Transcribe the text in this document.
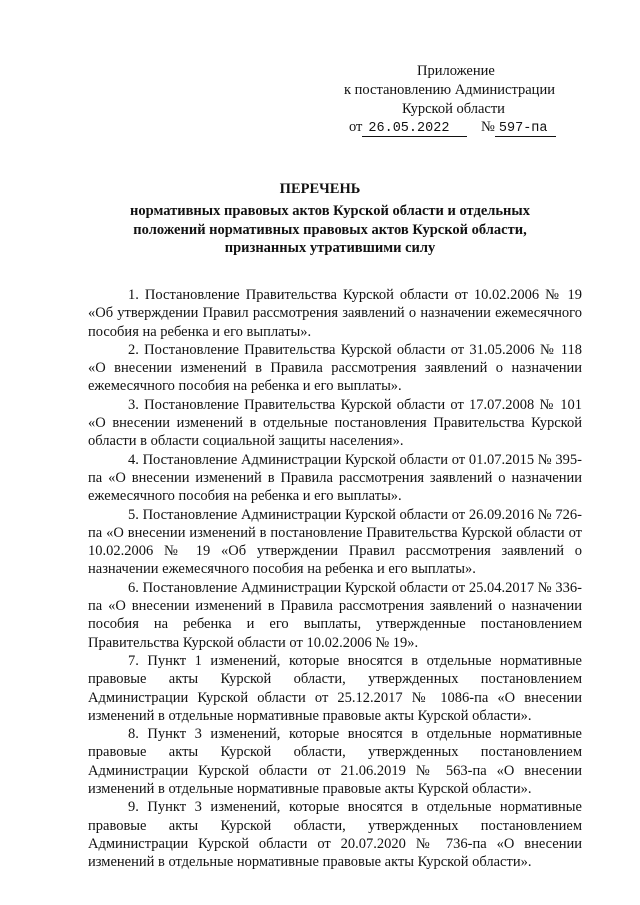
Приложение
к постановлению Администрации
Курской области
от 26.05.2022 № 597-па
ПЕРЕЧЕНЬ
нормативных правовых актов Курской области и отдельных положений нормативных правовых актов Курской области, признанных утратившими силу

1. Постановление Правительства Курской области от 10.02.2006 № 19 «Об утверждении Правил рассмотрения заявлений о назначении ежемесячного пособия на ребенка и его выплаты».

2. Постановление Правительства Курской области от 31.05.2006 № 118 «О внесении изменений в Правила рассмотрения заявлений о назначении ежемесячного пособия на ребенка и его выплаты».

3. Постановление Правительства Курской области от 17.07.2008 № 101 «О внесении изменений в отдельные постановления Правительства Курской области в области социальной защиты населения».

4. Постановление Администрации Курской области от 01.07.2015 № 395-па «О внесении изменений в Правила рассмотрения заявлений о назначении ежемесячного пособия на ребенка и его выплаты».

5. Постановление Администрации Курской области от 26.09.2016 № 726-па «О внесении изменений в постановление Правительства Курской области от 10.02.2006 № 19 «Об утверждении Правил рассмотрения заявлений о назначении ежемесячного пособия на ребенка и его выплаты».

6. Постановление Администрации Курской области от 25.04.2017 № 336-па «О внесении изменений в Правила рассмотрения заявлений о назначении пособия на ребенка и его выплаты, утвержденные постановлением Правительства Курской области от 10.02.2006 № 19».

7. Пункт 1 изменений, которые вносятся в отдельные нормативные правовые акты Курской области, утвержденных постановлением Администрации Курской области от 25.12.2017 № 1086-па «О внесении изменений в отдельные нормативные правовые акты Курской области».

8. Пункт 3 изменений, которые вносятся в отдельные нормативные правовые акты Курской области, утвержденных постановлением Администрации Курской области от 21.06.2019 № 563-па «О внесении изменений в отдельные нормативные правовые акты Курской области».

9. Пункт 3 изменений, которые вносятся в отдельные нормативные правовые акты Курской области, утвержденных постановлением Администрации Курской области от 20.07.2020 № 736-па «О внесении изменений в отдельные нормативные правовые акты Курской области».
